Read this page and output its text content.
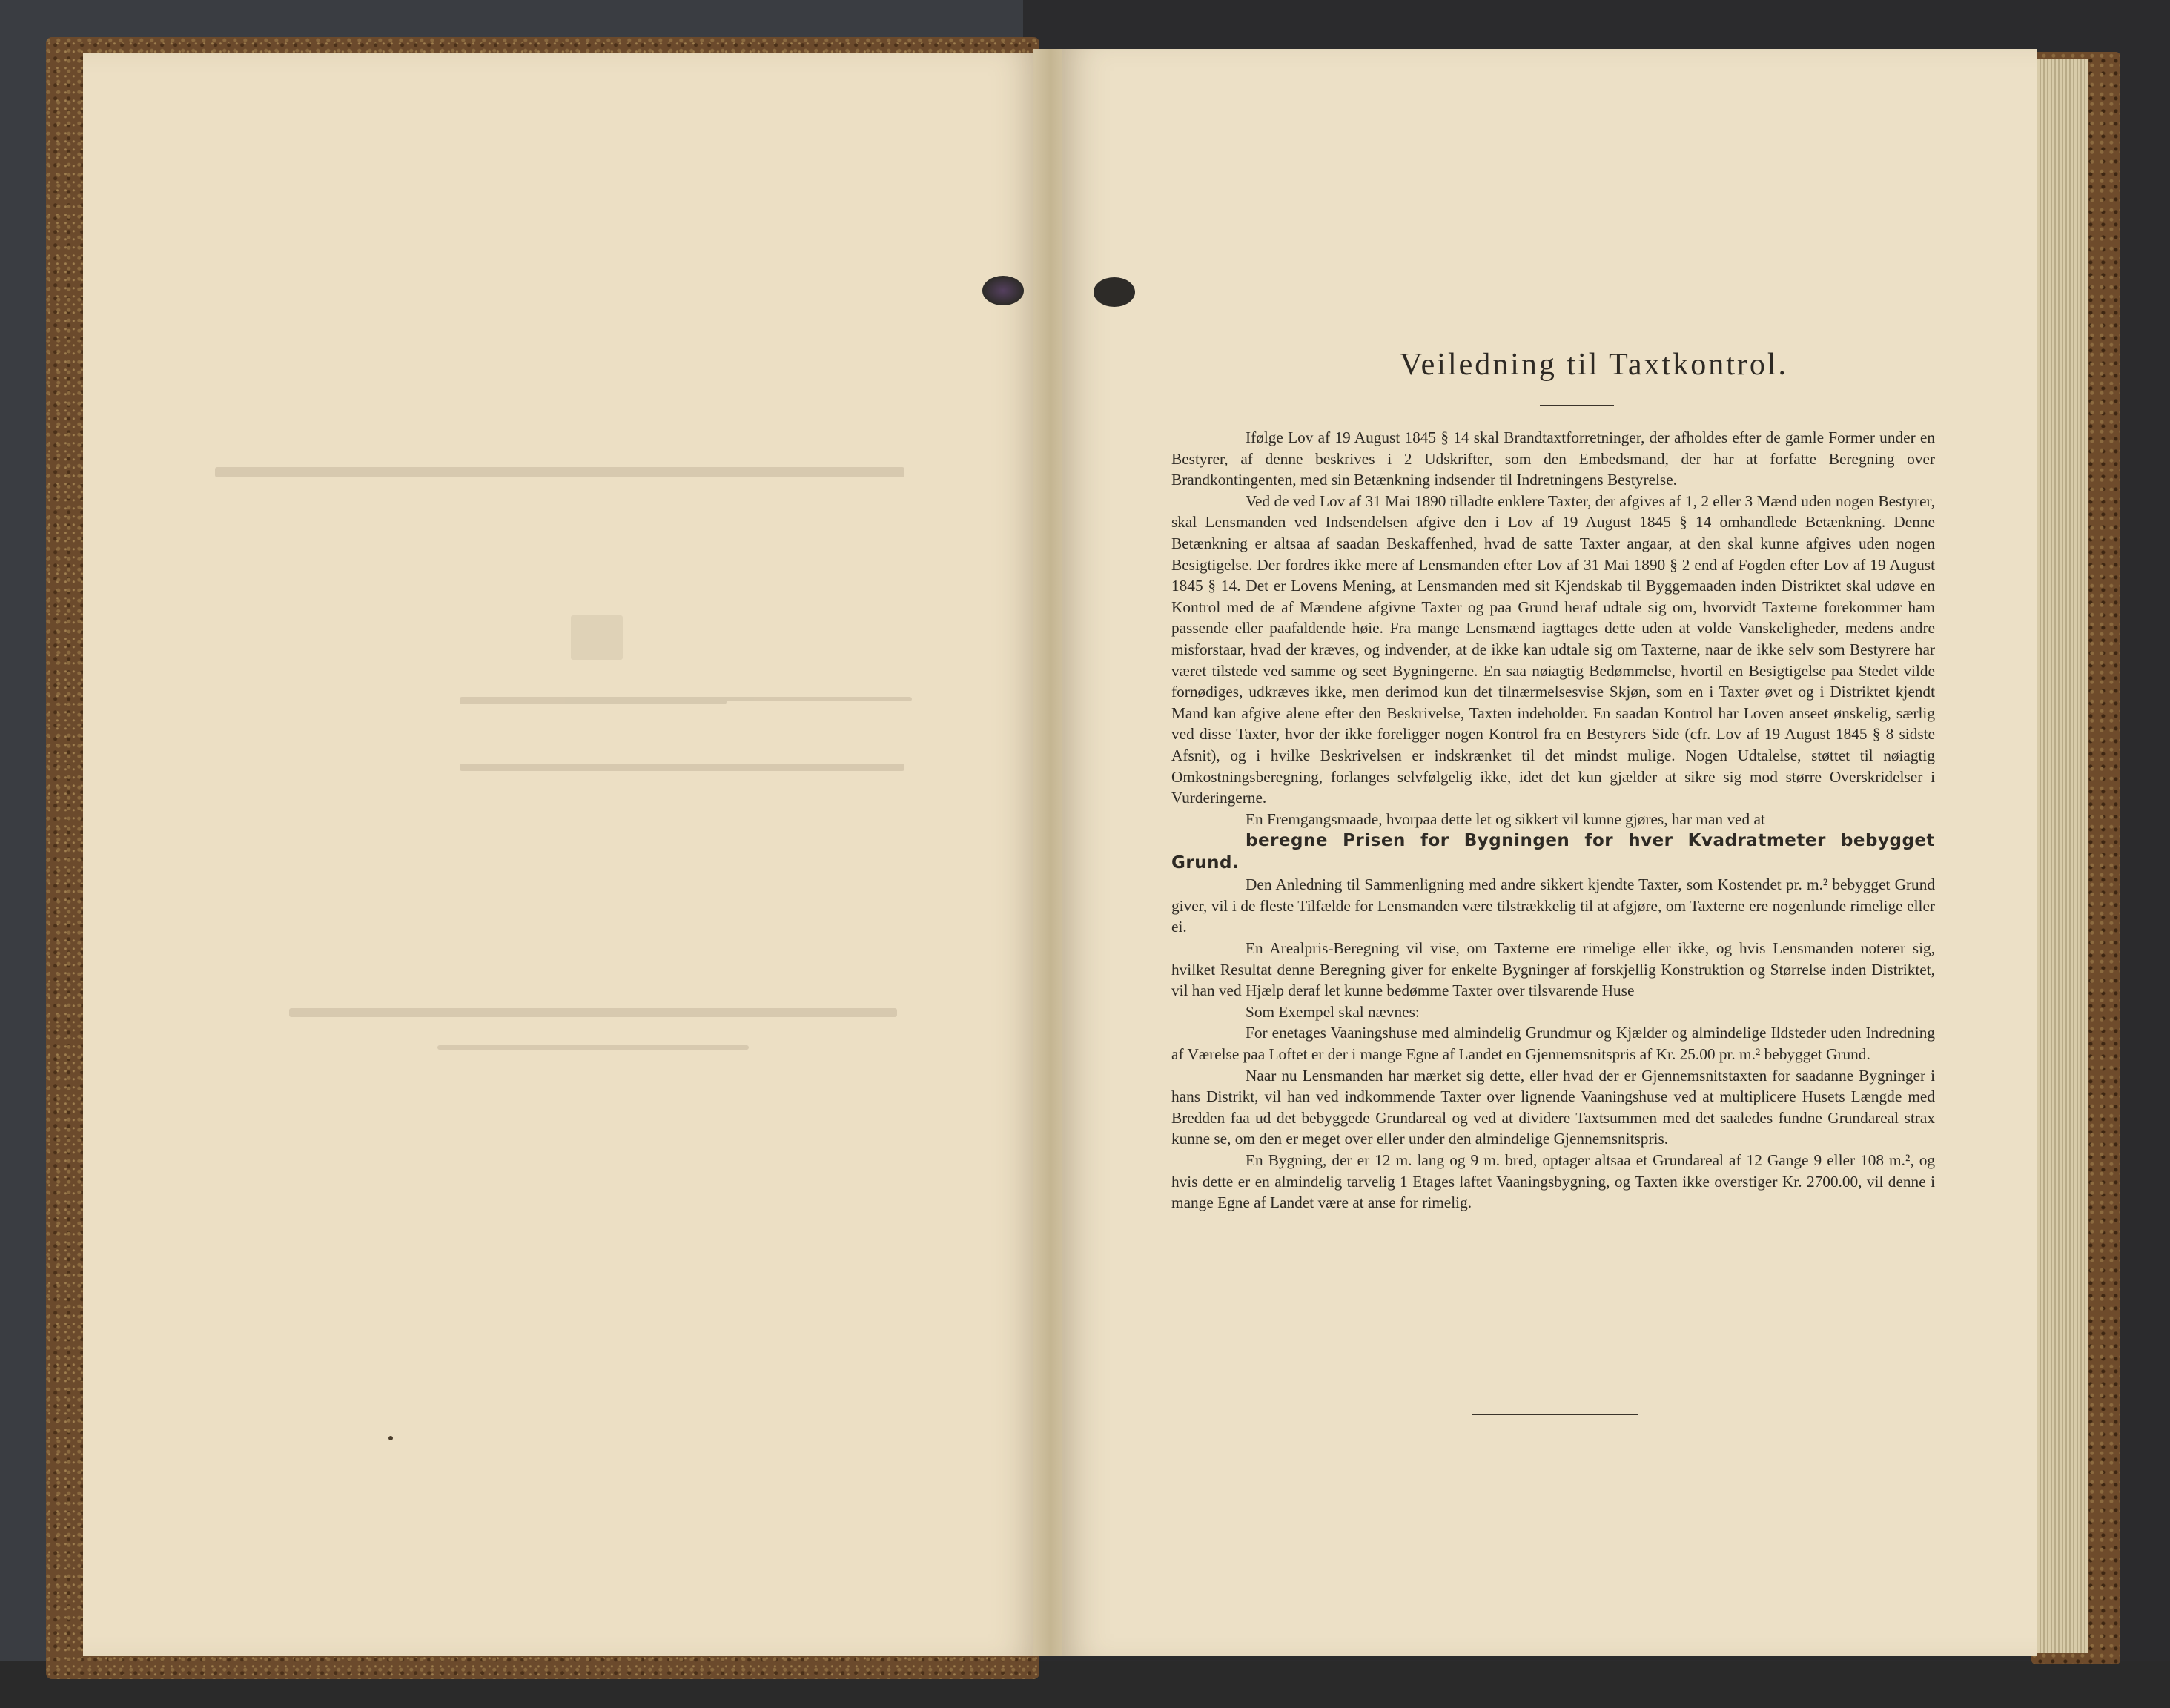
Veiledning til Taxtkontrol.

Ifølge Lov af 19 August 1845 § 14 skal Brandtaxtforretninger, der afholdes efter de gamle Former under en Bestyrer, af denne beskrives i 2 Udskrifter, som den Embedsmand, der har at forfatte Beregning over Brandkontingenten, med sin Betænkning indsender til Indretningens Bestyrelse.

Ved de ved Lov af 31 Mai 1890 tilladte enklere Taxter, der afgives af 1, 2 eller 3 Mænd uden nogen Bestyrer, skal Lensmanden ved Indsendelsen afgive den i Lov af 19 August 1845 § 14 omhandlede Betænkning. Denne Betænkning er altsaa af saadan Beskaffenhed, hvad de satte Taxter angaar, at den skal kunne afgives uden nogen Besigtigelse. Der fordres ikke mere af Lensmanden efter Lov af 31 Mai 1890 § 2 end af Fogden efter Lov af 19 August 1845 § 14. Det er Lovens Mening, at Lensmanden med sit Kjendskab til Byggemaaden inden Distriktet skal udøve en Kontrol med de af Mændene afgivne Taxter og paa Grund heraf udtale sig om, hvorvidt Taxterne forekommer ham passende eller paafaldende høie. Fra mange Lensmænd iagttages dette uden at volde Vanskeligheder, medens andre misforstaar, hvad der kræves, og indvender, at de ikke kan udtale sig om Taxterne, naar de ikke selv som Bestyrere har været tilstede ved samme og seet Bygningerne. En saa nøiagtig Bedømmelse, hvortil en Besigtigelse paa Stedet vilde fornødiges, udkræves ikke, men derimod kun det tilnærmelsesvise Skjøn, som en i Taxter øvet og i Distriktet kjendt Mand kan afgive alene efter den Beskrivelse, Taxten indeholder. En saadan Kontrol har Loven anseet ønskelig, særlig ved disse Taxter, hvor der ikke foreligger nogen Kontrol fra en Bestyrers Side (cfr. Lov af 19 August 1845 § 8 sidste Afsnit), og i hvilke Beskrivelsen er indskrænket til det mindst mulige. Nogen Udtalelse, støttet til nøiagtig Omkostningsberegning, forlanges selvfølgelig ikke, idet det kun gjælder at sikre sig mod større Overskridelser i Vurderingerne.

En Fremgangsmaade, hvorpaa dette let og sikkert vil kunne gjøres, har man ved at

beregne Prisen for Bygningen for hver Kvadratmeter bebygget Grund.

Den Anledning til Sammenligning med andre sikkert kjendte Taxter, som Kostendet pr. m.² bebygget Grund giver, vil i de fleste Tilfælde for Lensmanden være tilstrækkelig til at afgjøre, om Taxterne ere nogenlunde rimelige eller ei.

En Arealpris-Beregning vil vise, om Taxterne ere rimelige eller ikke, og hvis Lensmanden noterer sig, hvilket Resultat denne Beregning giver for enkelte Bygninger af forskjellig Konstruktion og Størrelse inden Distriktet, vil han ved Hjælp deraf let kunne bedømme Taxter over tilsvarende Huse

Som Exempel skal nævnes:

For enetages Vaaningshuse med almindelig Grundmur og Kjælder og almindelige Ildsteder uden Indredning af Værelse paa Loftet er der i mange Egne af Landet en Gjennemsnitspris af Kr. 25.00 pr. m.² bebygget Grund.

Naar nu Lensmanden har mærket sig dette, eller hvad der er Gjennemsnitstaxten for saadanne Bygninger i hans Distrikt, vil han ved indkommende Taxter over lignende Vaaningshuse ved at multiplicere Husets Længde med Bredden faa ud det bebyggede Grundareal og ved at dividere Taxtsummen med det saaledes fundne Grundareal strax kunne se, om den er meget over eller under den almindelige Gjennemsnitspris.

En Bygning, der er 12 m. lang og 9 m. bred, optager altsaa et Grundareal af 12 Gange 9 eller 108 m.², og hvis dette er en almindelig tarvelig 1 Etages laftet Vaaningsbygning, og Taxten ikke overstiger Kr. 2700.00, vil denne i mange Egne af Landet være at anse for rimelig.
